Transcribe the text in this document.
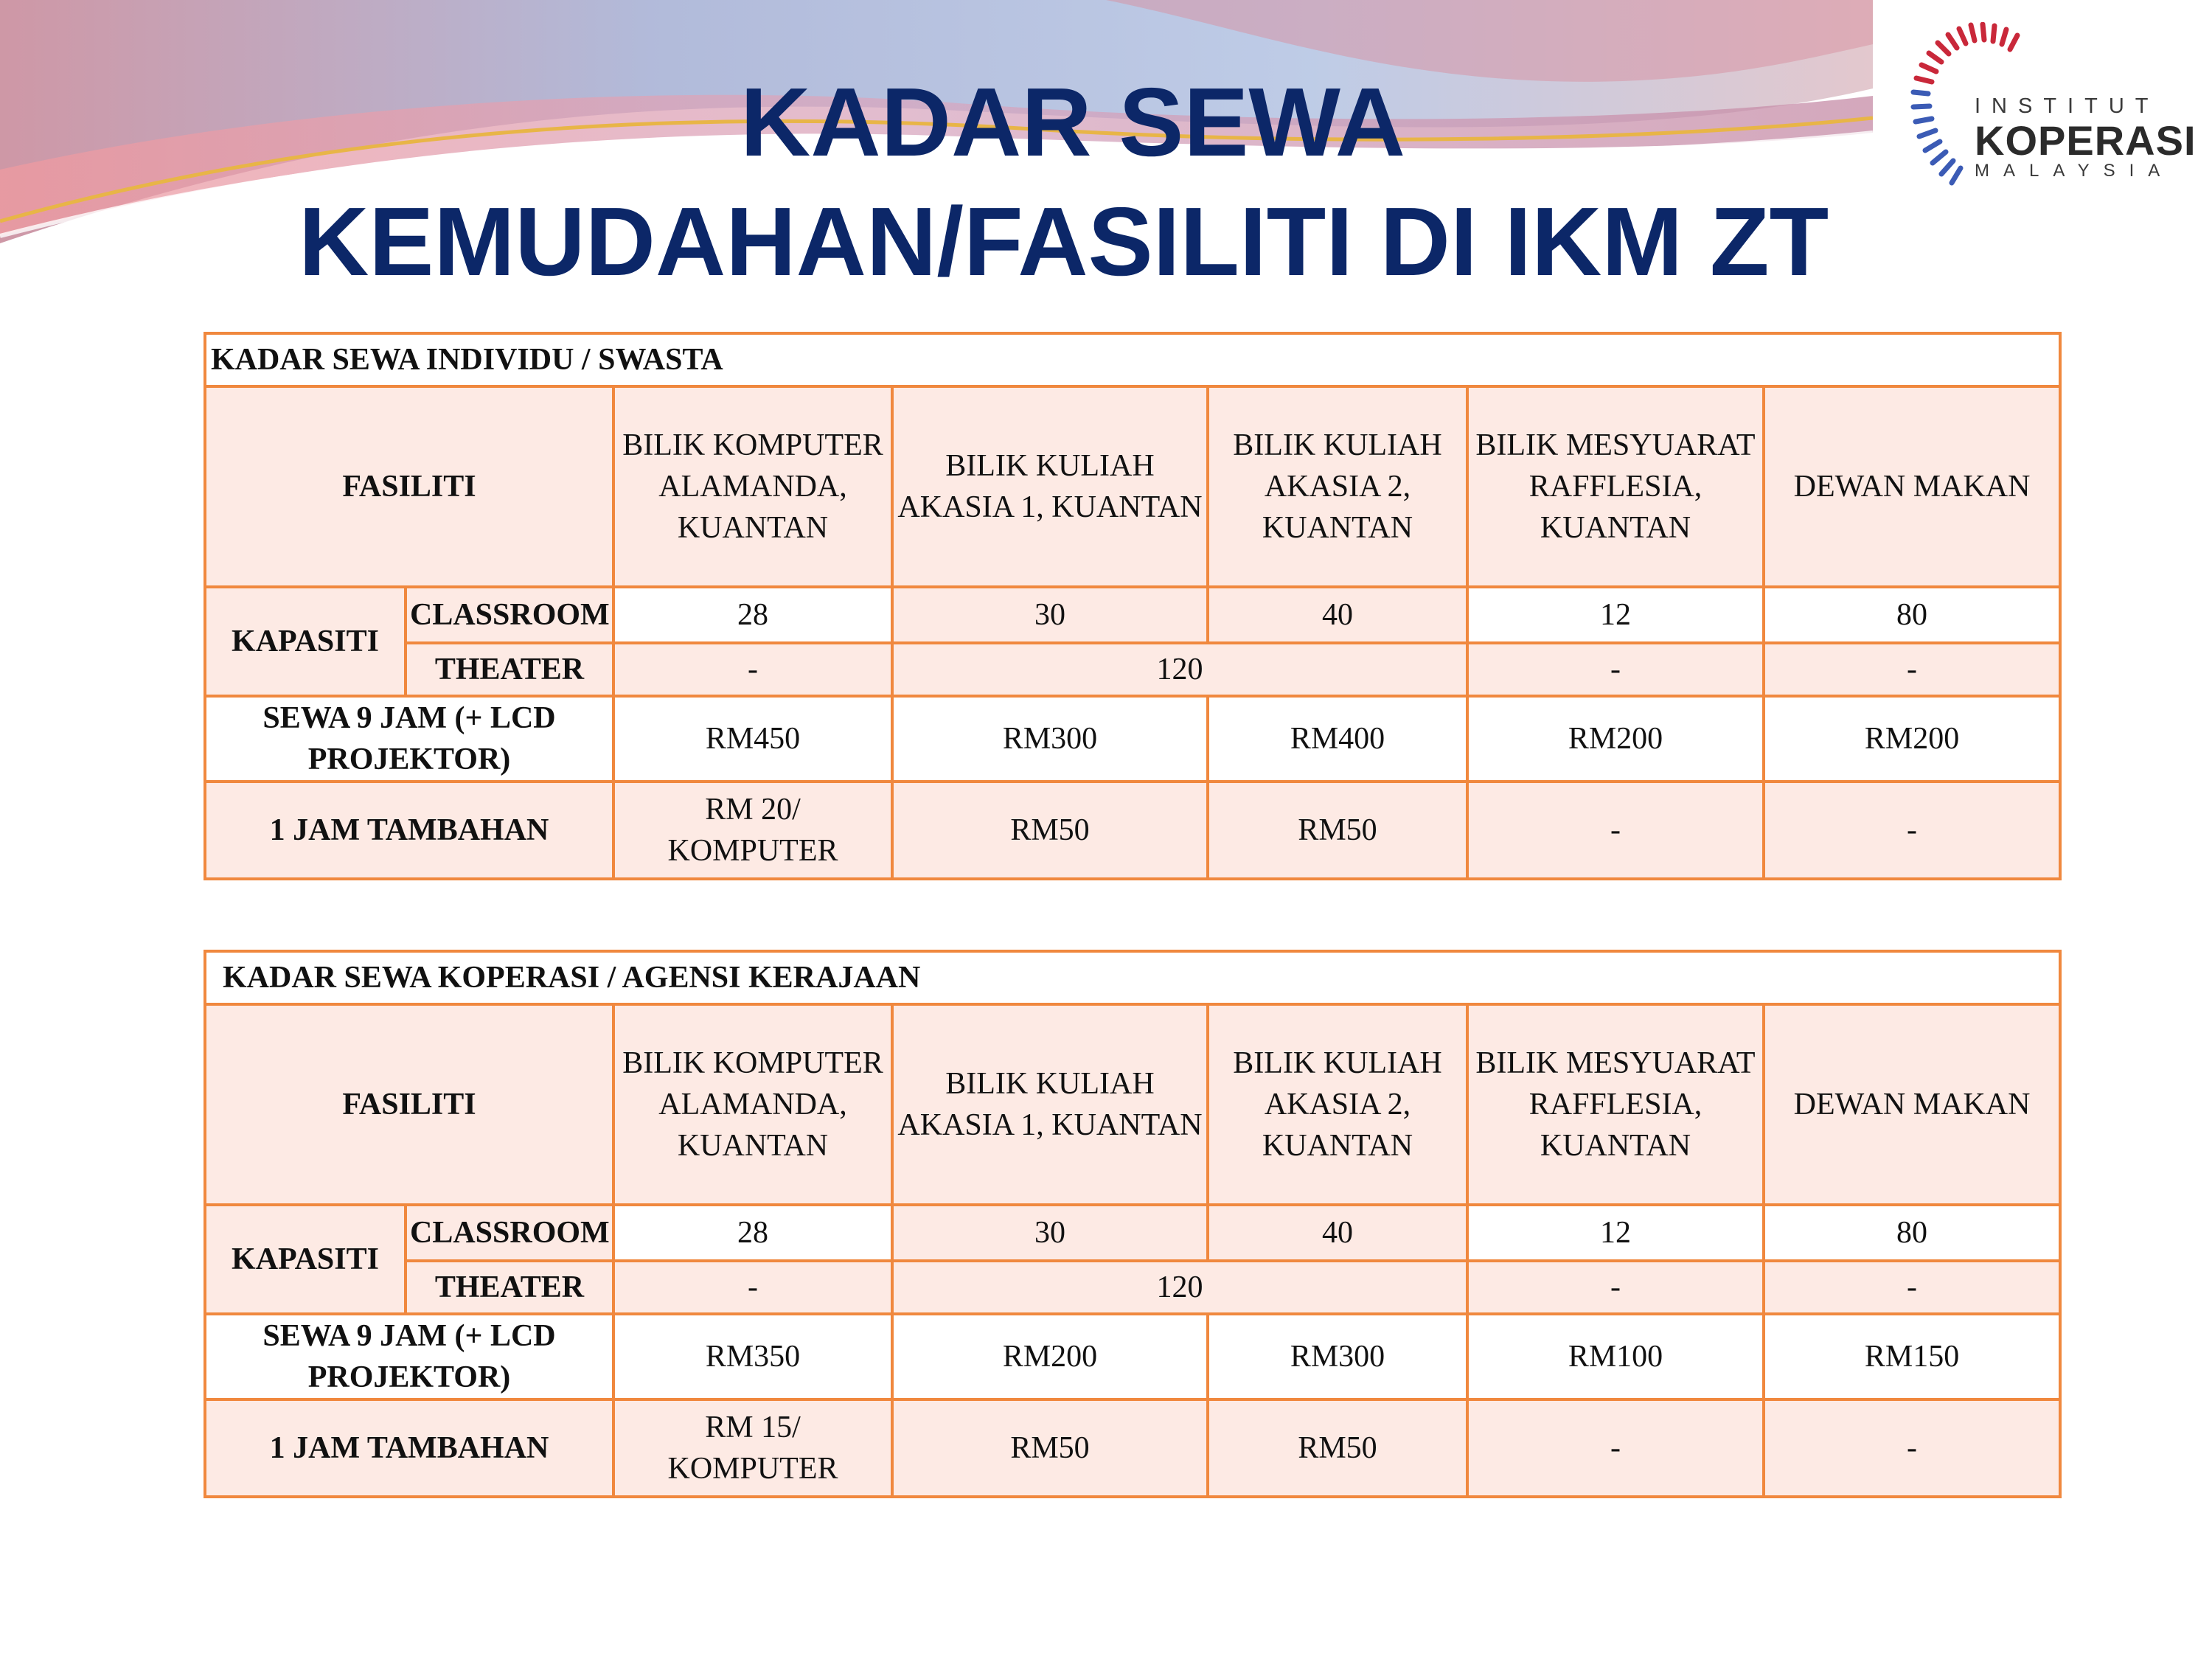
KADAR SEWA
KEMUDAHAN/FASILITI DI IKM ZT
INSTITUT
KOPERASI
MALAYSIA
KADAR SEWA INDIVIDU / SWASTA						
FASILITI		BILIK KOMPUTER ALAMANDA, KUANTAN	BILIK KULIAH AKASIA 1, KUANTAN	BILIK KULIAH AKASIA 2, KUANTAN	BILIK MESYUARAT RAFFLESIA, KUANTAN	DEWAN MAKAN
KAPASITI	CLASSROOM	28	30	40	12	80
	THEATER	-	120		-	-
SEWA 9 JAM (+ LCD PROJEKTOR)		RM450	RM300	RM400	RM200	RM200
1 JAM TAMBAHAN		RM 20/ KOMPUTER	RM50	RM50	-	-
KADAR SEWA KOPERASI / AGENSI KERAJAAN						
FASILITI		BILIK KOMPUTER ALAMANDA, KUANTAN	BILIK KULIAH AKASIA 1, KUANTAN	BILIK KULIAH AKASIA 2, KUANTAN	BILIK MESYUARAT RAFFLESIA, KUANTAN	DEWAN MAKAN
KAPASITI	CLASSROOM	28	30	40	12	80
	THEATER	-	120		-	-
SEWA 9 JAM (+ LCD PROJEKTOR)		RM350	RM200	RM300	RM100	RM150
1 JAM TAMBAHAN		RM 15/ KOMPUTER	RM50	RM50	-	-
